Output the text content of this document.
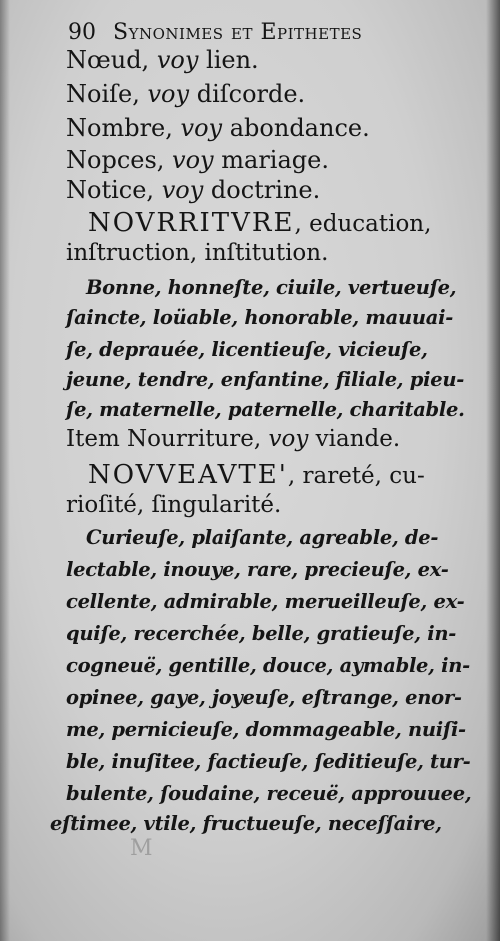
90 Synonimes et Epithetes
Nœud, voy lien.
Noiſe, voy diſcorde.
Nombre, voy abondance.
Nopces, voy mariage.
Notice, voy doctrine.
NOVRRITVRE, education,
inſtruction, inſtitution.
Bonne, honneſte, ciuile, vertueuſe,
ſaincte, loüable, honorable, mauuai-
ſe, deprauée, licentieuſe, vicieuſe,
jeune, tendre, enfantine, filiale, pieu-
ſe, maternelle, paternelle, charitable.
Item Nourriture, voy viande.
NOVVEAVTE', rareté, cu-
rioſité, ſingularité.
Curieuſe, plaiſante, agreable, de-
lectable, inouye, rare, precieuſe, ex-
cellente, admirable, merueilleuſe, ex-
quiſe, recerchée, belle, gratieuſe, in-
cogneuë, gentille, douce, aymable, in-
opinee, gaye, joyeuſe, eſtrange, enor-
me, pernicieuſe, dommageable, nuiſi-
ble, inuſitee, factieuſe, ſeditieuſe, tur-
bulente, ſoudaine, receuë, approuuee,
eſtimee, vtile, fructueuſe, neceſſaire,
M
